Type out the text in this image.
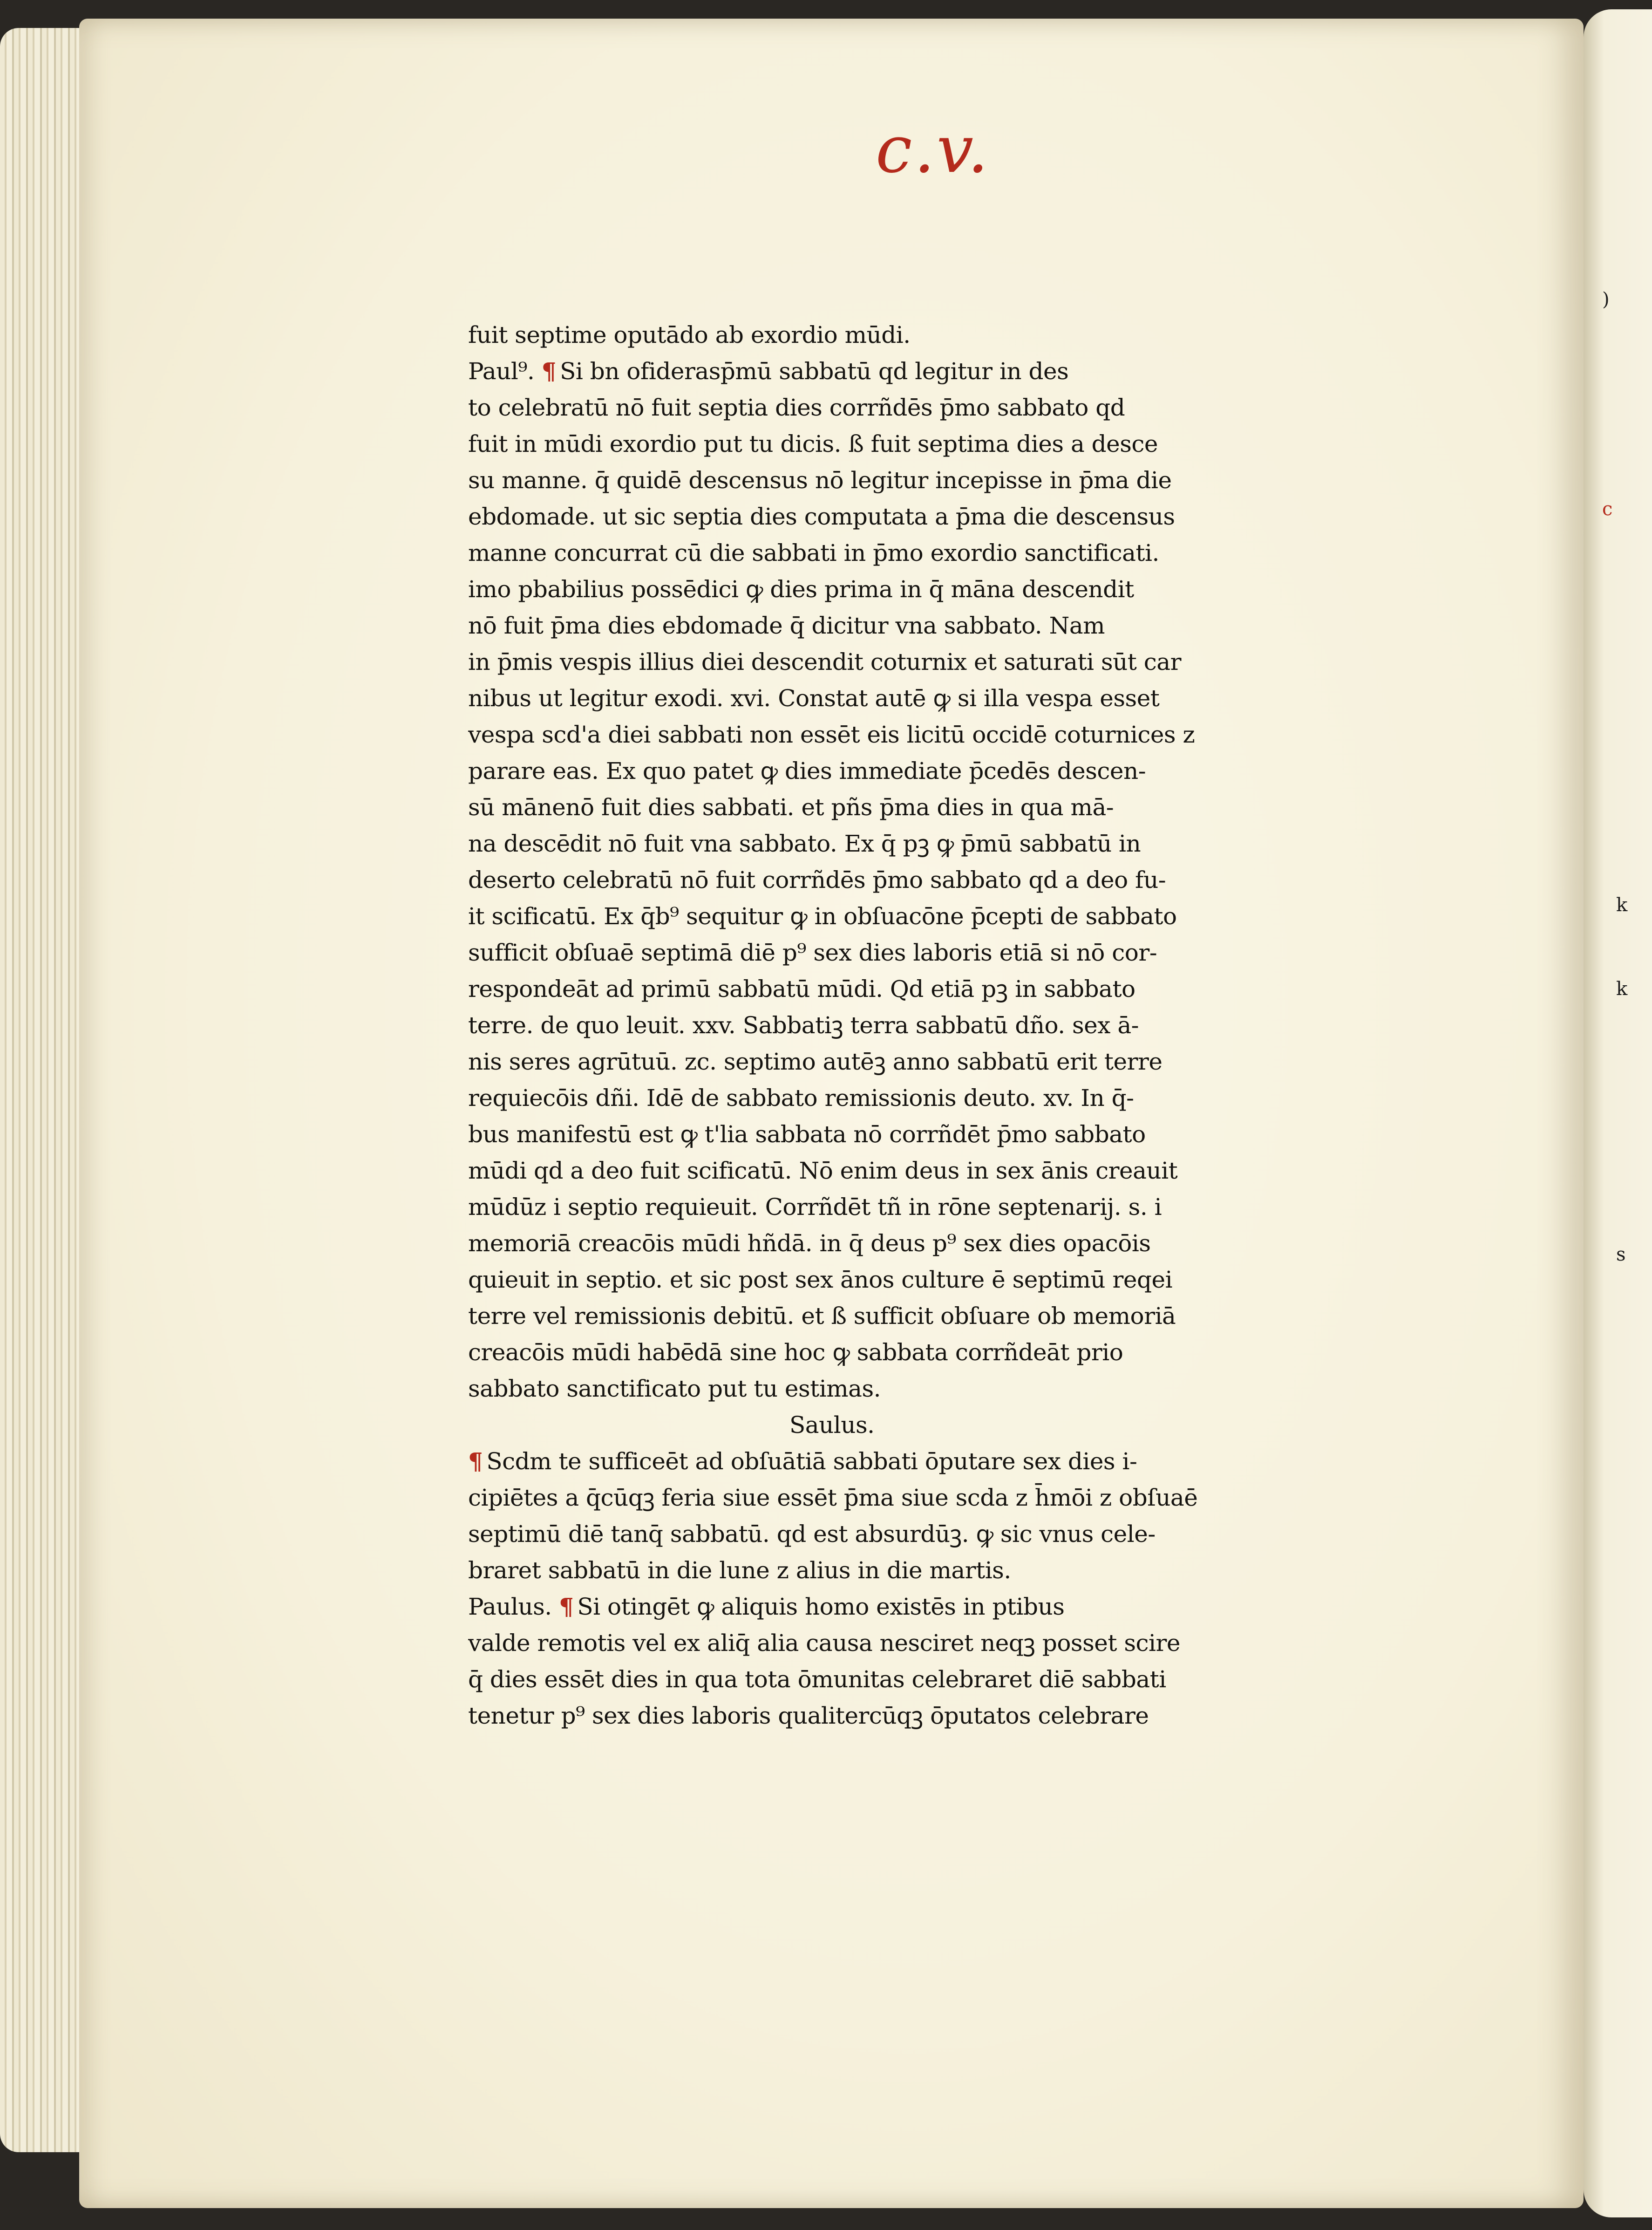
)
c
k
k
s
c.v.
fuit septime oputādo ab exordio mūdi.
Paul⁹. ¶ Si bn ofiderasp̄mū sabbatū qd legitur in des
to celebratū nō fuit septia dies corrñdēs p̄mo sabbato qd
fuit in mūdi exordio put tu dicis. ß fuit septima dies a desce
su manne. q̄ quidē descensus nō legitur incepisse in p̄ma die
ebdomade. ut sic septia dies computata a p̄ma die descensus
manne concurrat cū die sabbati in p̄mo exordio sanctificati.
imo pbabilius possēdici ꝙ dies prima in q̄ māna descendit
nō fuit p̄ma dies ebdomade q̄ dicitur vna sabbato. Nam
in p̄mis vespis illius diei descendit coturnix et saturati sūt car
nibus ut legitur exodi. xvi. Constat autē ꝙ si illa vespa esset
vespa scd'a diei sabbati non essēt eis licitū occidē coturnices z
parare eas. Ex quo patet ꝙ dies immediate p̄cedēs descen-
sū mānenō fuit dies sabbati. et pñs p̄ma dies in qua mā-
na descēdit nō fuit vna sabbato. Ex q̄ pꝫ ꝙ p̄mū sabbatū in
deserto celebratū nō fuit corrñdēs p̄mo sabbato qd a deo fu-
it scificatū. Ex q̄b⁹ sequitur ꝙ in obſuacōne p̄cepti de sabbato
sufficit obſuaē septimā diē p⁹ sex dies laboris etiā si nō cor-
respondeāt ad primū sabbatū mūdi. Qd etiā pꝫ in sabbato
terre. de quo leuit. xxv. Sabbatiꝫ terra sabbatū dño. sex ā-
nis seres agrūtuū. zc. septimo autēꝫ anno sabbatū erit terre
requiecōis dñi. Idē de sabbato remissionis deuto. xv. In q̄-
bus manifestū est ꝙ t'lia sabbata nō corrñdēt p̄mo sabbato
mūdi qd a deo fuit scificatū. Nō enim deus in sex ānis creauit
mūdūz i septio requieuit. Corrñdēt tñ in rōne septenarij. s. i
memoriā creacōis mūdi hñdā. in q̄ deus p⁹ sex dies opacōis
quieuit in septio. et sic post sex ānos culture ē septimū reqei
terre vel remissionis debitū. et ß sufficit obſuare ob memoriā
creacōis mūdi habēdā sine hoc ꝙ sabbata corrñdeāt prio
sabbato sanctificato put tu estimas.
Saulus.
¶ Scdm te sufficeēt ad obſuātiā sabbati ōputare sex dies i-
cipiētes a q̄cūqꝫ feria siue essēt p̄ma siue scda z h̄mōi z obſuaē
septimū diē tanq̄ sabbatū. qd est absurdūꝫ. ꝙ sic vnus cele-
braret sabbatū in die lune z alius in die martis.
Paulus. ¶ Si otingēt ꝙ aliquis homo existēs in ptibus
valde remotis vel ex aliq̄ alia causa nesciret neqꝫ posset scire
q̄ dies essēt dies in qua tota ōmunitas celebraret diē sabbati
tenetur p⁹ sex dies laboris qualitercūqꝫ ōputatos celebrare
